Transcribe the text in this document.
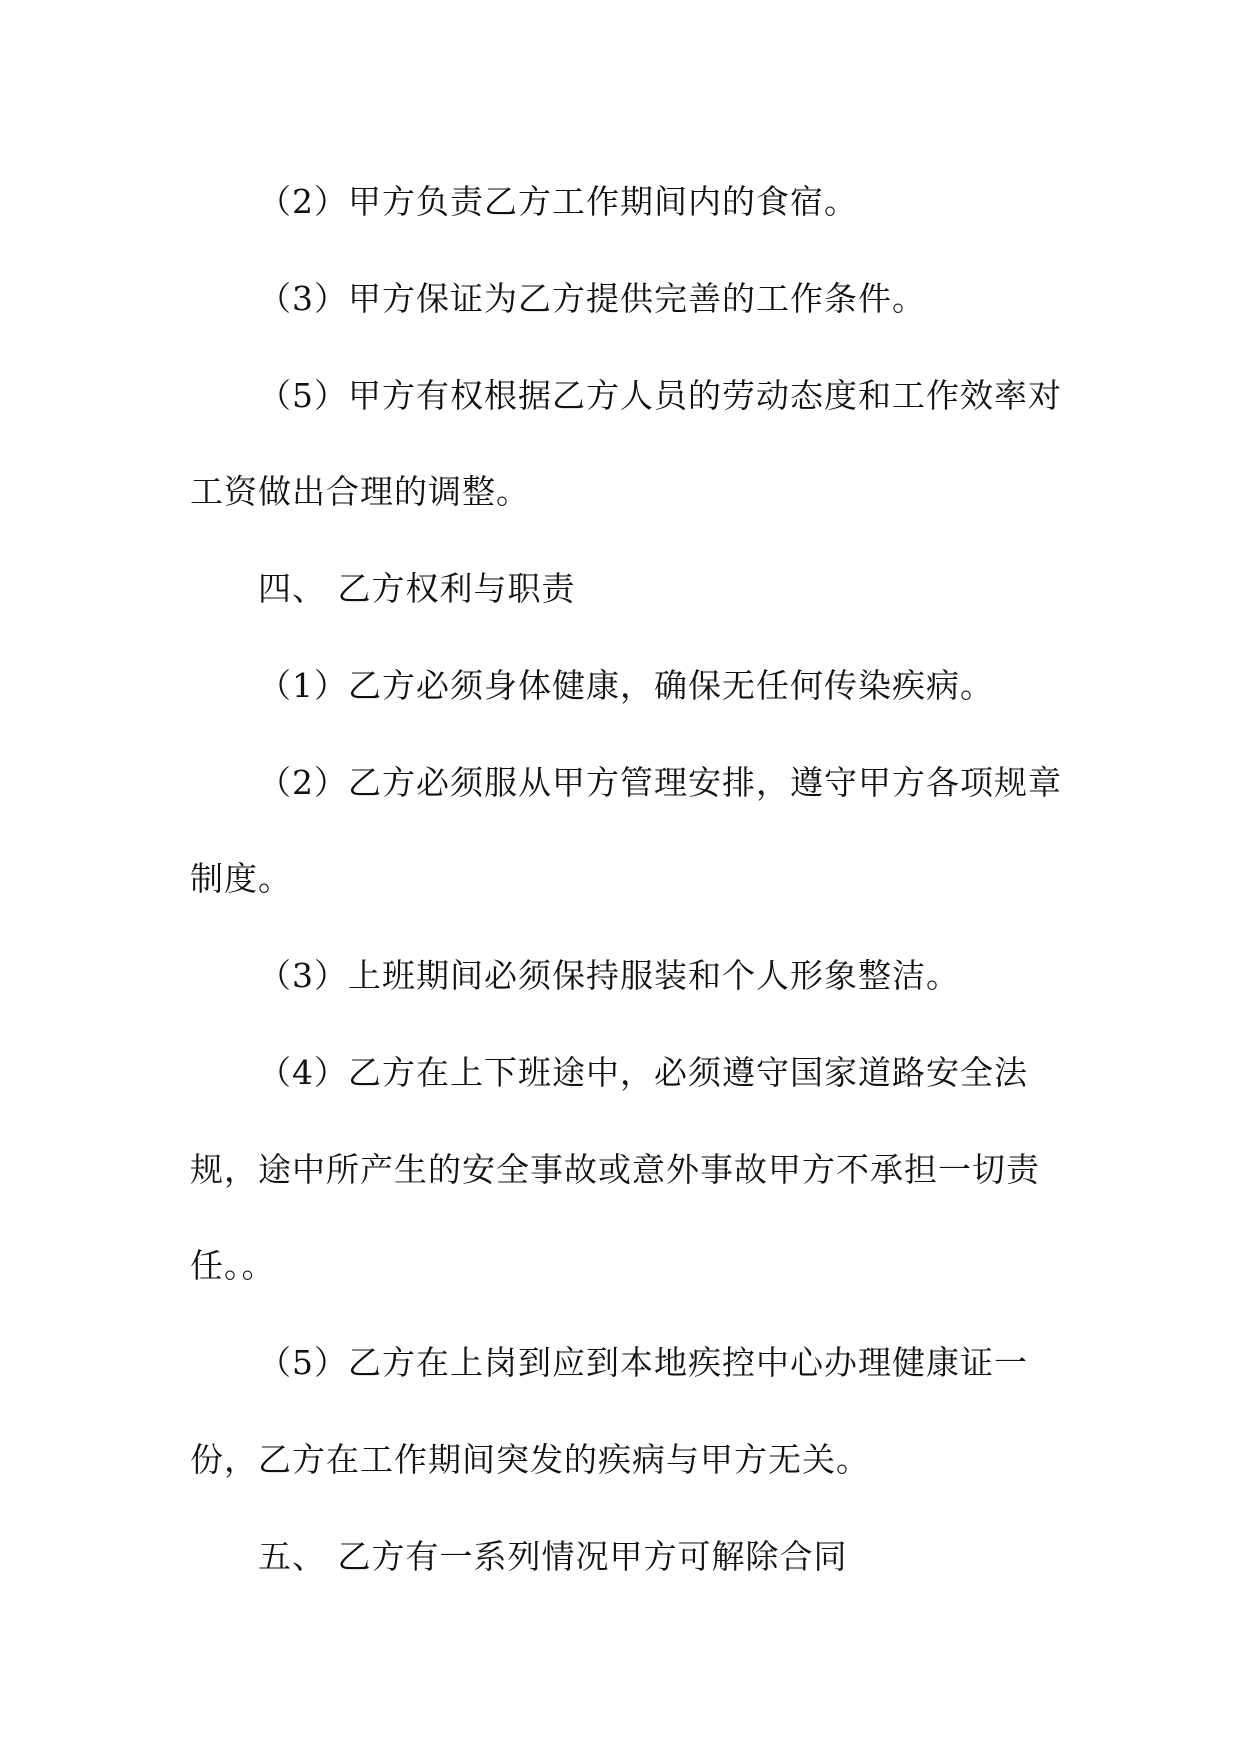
（2）甲方负责乙方工作期间内的食宿。
（3）甲方保证为乙方提供完善的工作条件。
（5）甲方有权根据乙方人员的劳动态度和工作效率对
工资做出合理的调整。
四、 乙方权利与职责
（1）乙方必须身体健康，确保无任何传染疾病。
（2）乙方必须服从甲方管理安排，遵守甲方各项规章
制度。
（3）上班期间必须保持服装和个人形象整洁。
（4）乙方在上下班途中，必须遵守国家道路安全法
规，途中所产生的安全事故或意外事故甲方不承担一切责
任。。
（5）乙方在上岗到应到本地疾控中心办理健康证一
份，乙方在工作期间突发的疾病与甲方无关。
五、 乙方有一系列情况甲方可解除合同
